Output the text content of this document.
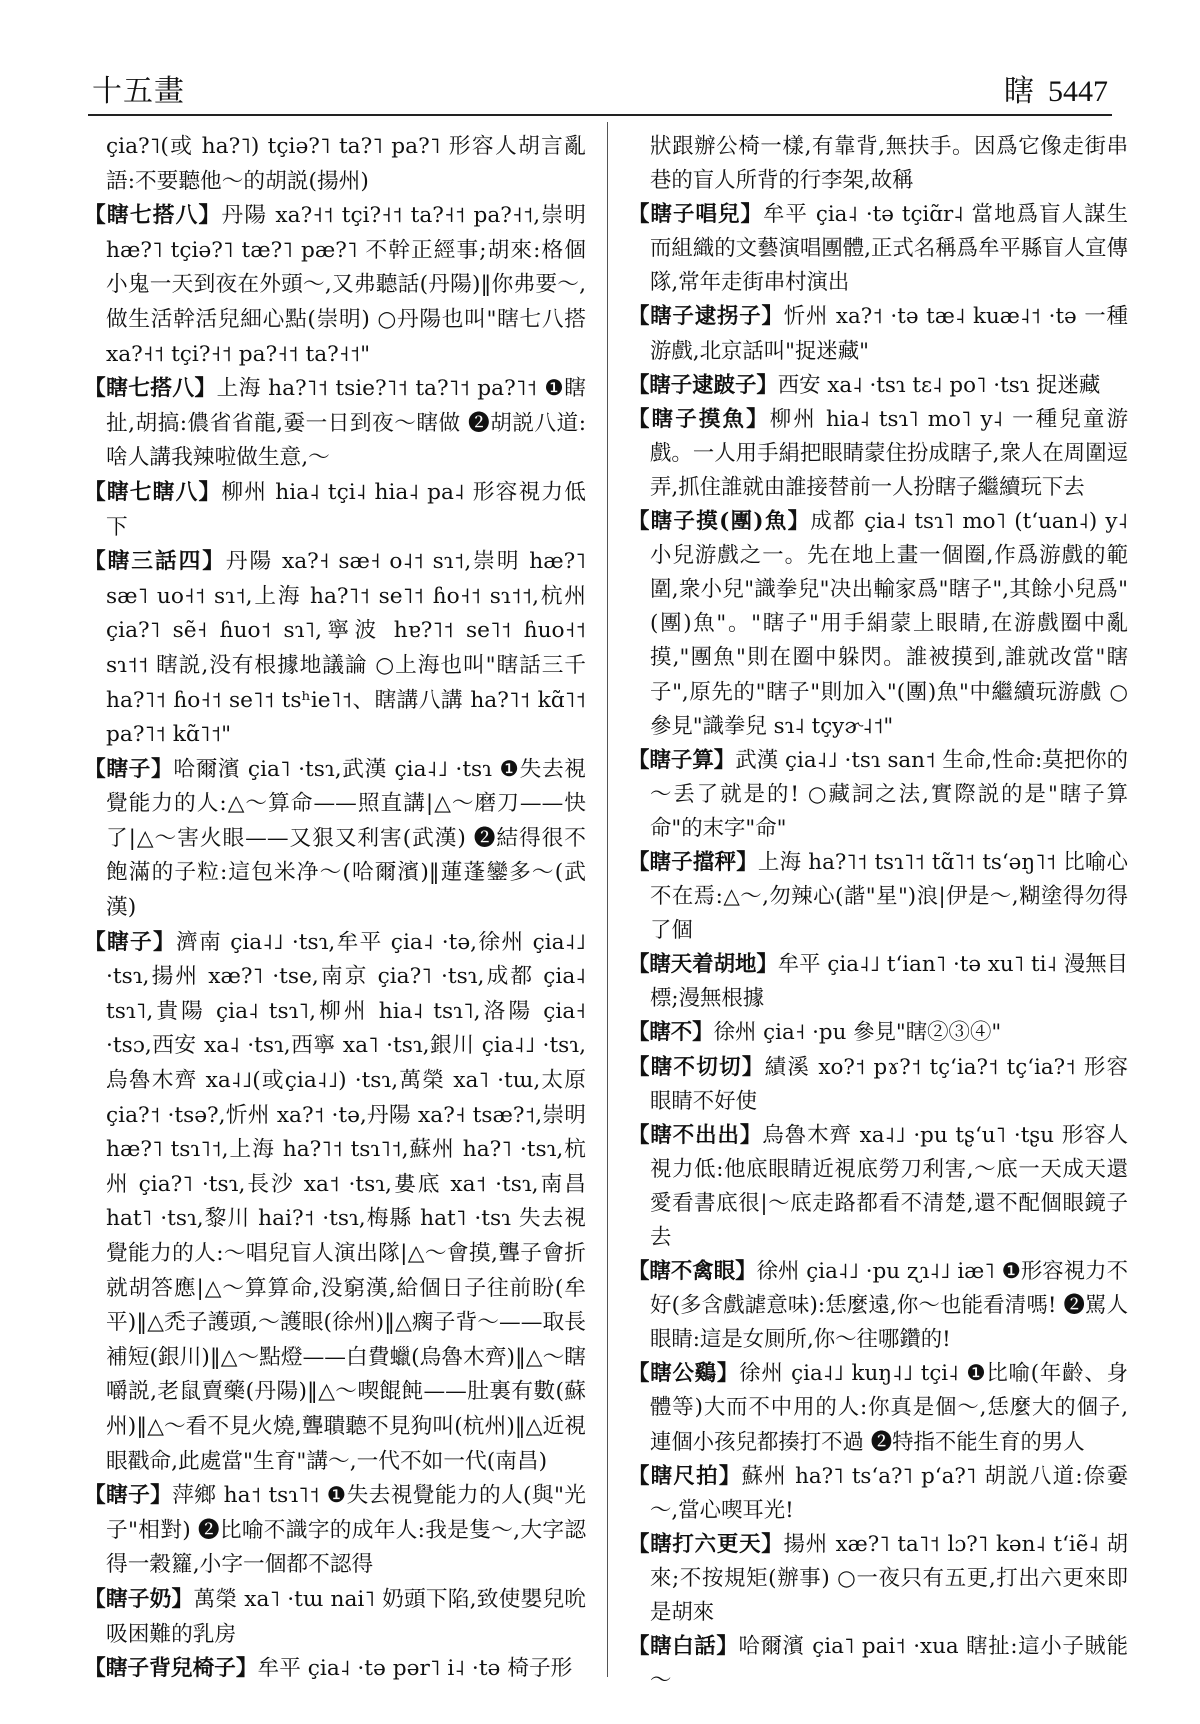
十五畫	瞎 5447

çia?˥(或 ha?˥) tçiə?˥ ta?˥ pa?˥ 形容人胡言亂語:不要聽他～的胡説(揚州)

【瞎七搭八】丹陽 xa?˧˦ tçi?˧˦ ta?˧˦ pa?˧˦,崇明 hæ?˥ tçiə?˥ tæ?˥ pæ?˥ 不幹正經事;胡來:格個小鬼一天到夜在外頭～,又弗聽話(丹陽)‖你弗要～,做生活幹活兒細心點(崇明) ○丹陽也叫"瞎七八搭 xa?˧˦ tçi?˧˦ pa?˧˦ ta?˧˦"

【瞎七搭八】上海 ha?˥˦ tsie?˥˦ ta?˥˦ pa?˥˦ ❶瞎扯,胡搞:儂省省龍,嫑一日到夜～瞎做 ❷胡説八道:啥人講我辣啦做生意,～

【瞎七瞎八】柳州 hia˨ tçi˨ hia˨ pa˨ 形容視力低下

【瞎三話四】丹陽 xa?˧ sæ˧ o˨˦ sɿ˦,崇明 hæ?˥ sæ˥ uo˧˦ sɿ˦,上海 ha?˥˦ se˥˦ ɦo˧˦ sɿ˦˦,杭州 çia?˥ sẽ˧ ɦuo˦ sɿ˥,寧波 hɐ?˥˦ se˥˦ ɦuo˧˦ sɿ˦˦ 瞎説,没有根據地議論 ○上海也叫"瞎話三千 ha?˥˦ ɦo˧˦ se˥˦ tsʰie˥˦、瞎講八講 ha?˥˦ kɑ̃˥˦ pa?˥˦ kɑ̃˥˦"

【瞎子】哈爾濱 çia˥ ·tsɿ,武漢 çia˨˩ ·tsɿ ❶失去視覺能力的人:△～算命——照直講|△～磨刀——快了|△～害火眼——又狠又利害(武漢) ❷結得很不飽滿的子粒:這包米净～(哈爾濱)‖蓮蓬鑾多～(武漢)

【瞎子】濟南 çia˨˩ ·tsɿ,牟平 çia˨ ·tə,徐州 çia˨˩ ·tsɿ,揚州 xæ?˥ ·tse,南京 çia?˥ ·tsɿ,成都 çia˨ tsɿ˥,貴陽 çia˨ tsɿ˥,柳州 hia˨ tsɿ˥,洛陽 çia˧ ·tsɔ,西安 xa˨ ·tsɿ,西寧 xa˥ ·tsɿ,銀川 çia˨˩ ·tsɿ,烏魯木齊 xa˨˩(或çia˨˩) ·tsɿ,萬榮 xa˥ ·tɯ,太原 çia?˦ ·tsə?,忻州 xa?˦ ·tə,丹陽 xa?˧ tsæ?˦,崇明 hæ?˥ tsɿ˥˦,上海 ha?˥˦ tsɿ˥˦,蘇州 ha?˥ ·tsɿ,杭州 çia?˥ ·tsɿ,長沙 xa˦ ·tsɿ,婁底 xa˦ ·tsɿ,南昌 hat˥ ·tsɿ,黎川 hai?˦ ·tsɿ,梅縣 hat˥ ·tsɿ 失去視覺能力的人:～唱兒盲人演出隊|△～會摸,聾子會折就胡答應|△～算算命,没窮漢,給個日子往前盼(牟平)‖△禿子護頭,～護眼(徐州)‖△瘸子背～——取長補短(銀川)‖△～點燈——白費蠟(烏魯木齊)‖△～瞎嚼説,老鼠賣藥(丹陽)‖△～喫餛飩——肚裏有數(蘇州)‖△～看不見火燒,聾聵聽不見狗叫(杭州)‖△近視眼戳命,此處當"生育"講～,一代不如一代(南昌)

【瞎子】萍鄉 ha˦ tsɿ˥˦ ❶失去視覺能力的人(與"光子"相對) ❷比喻不識字的成年人:我是隻～,大字認得一穀籮,小字一個都不認得

【瞎子奶】萬榮 xa˥ ·tɯ nai˥ 奶頭下陷,致使嬰兒吮吸困難的乳房

【瞎子背兒椅子】牟平 çia˨ ·tə pər˥ i˨ ·tə 椅子形

狀跟辦公椅一樣,有靠背,無扶手。因爲它像走街串巷的盲人所背的行李架,故稱

【瞎子唱兒】牟平 çia˨ ·tə tçiɑ̃r˨ 當地爲盲人謀生而組織的文藝演唱團體,正式名稱爲牟平縣盲人宣傳隊,常年走街串村演出

【瞎子逮拐子】忻州 xa?˦ ·tə tæ˨ kuæ˨˦ ·tə 一種游戲,北京話叫"捉迷藏"

【瞎子逮跛子】西安 xa˨ ·tsɿ tɛ˨ po˥ ·tsɿ 捉迷藏

【瞎子摸魚】柳州 hia˨ tsɿ˥ mo˥ y˨ 一種兒童游戲。一人用手絹把眼睛蒙住扮成瞎子,衆人在周圍逗弄,抓住誰就由誰接替前一人扮瞎子繼續玩下去

【瞎子摸(團)魚】成都 çia˨ tsɿ˥ mo˥ (tʻuan˨) y˨ 小兒游戲之一。先在地上畫一個圈,作爲游戲的範圍,衆小兒"識拳兒"决出輸家爲"瞎子",其餘小兒爲"(團)魚"。"瞎子"用手絹蒙上眼睛,在游戲圈中亂摸,"團魚"則在圈中躲閃。誰被摸到,誰就改當"瞎子",原先的"瞎子"則加入"(團)魚"中繼續玩游戲 ○參見"識拳兒 sɿ˨ tçyɚ˨˦"

【瞎子算】武漢 çia˨˩ ·tsɿ san˦ 生命,性命:莫把你的～丢了就是的! ○藏詞之法,實際説的是"瞎子算命"的末字"命"

【瞎子擋秤】上海 ha?˥˦ tsɿ˥˦ tɑ̃˥˦ tsʻəŋ˥˦ 比喻心不在焉:△～,勿辣心(諧"星")浪|伊是～,糊塗得勿得了個

【瞎天着胡地】牟平 çia˨˩ tʻian˥ ·tə xu˥ ti˨ 漫無目標;漫無根據

【瞎不】徐州 çia˧ ·pu 參見"瞎②③④"

【瞎不切切】績溪 xo?˦ pɤ?˦ tçʻia?˦ tçʻia?˦ 形容眼睛不好使

【瞎不出出】烏魯木齊 xa˨˩ ·pu tʂʻu˥ ·tʂu 形容人視力低:他底眼睛近視底勞刀利害,～底一天成天還愛看書底很|～底走路都看不清楚,還不配個眼鏡子去

【瞎不禽眼】徐州 çia˨˩ ·pu ʐɿ˨˩ iæ˥ ❶形容視力不好(多含戲謔意味):恁麼遠,你～也能看清嗎! ❷駡人眼睛:這是女厠所,你～往哪鑽的!

【瞎公鷄】徐州 çia˨˩ kuŋ˨˩ tçi˨ ❶比喻(年齡、身體等)大而不中用的人:你真是個～,恁麼大的個子,連個小孩兒都揍打不過 ❷特指不能生育的男人

【瞎尺拍】蘇州 ha?˥ tsʻa?˥ pʻa?˥ 胡説八道:倷嫑～,當心喫耳光!

【瞎打六更天】揚州 xæ?˥ ta˥˦ lɔ?˥ kən˨ tʻiẽ˨ 胡來;不按規矩(辦事) ○一夜只有五更,打出六更來即是胡來

【瞎白話】哈爾濱 çia˥ pai˦ ·xua 瞎扯:這小子賊能～
